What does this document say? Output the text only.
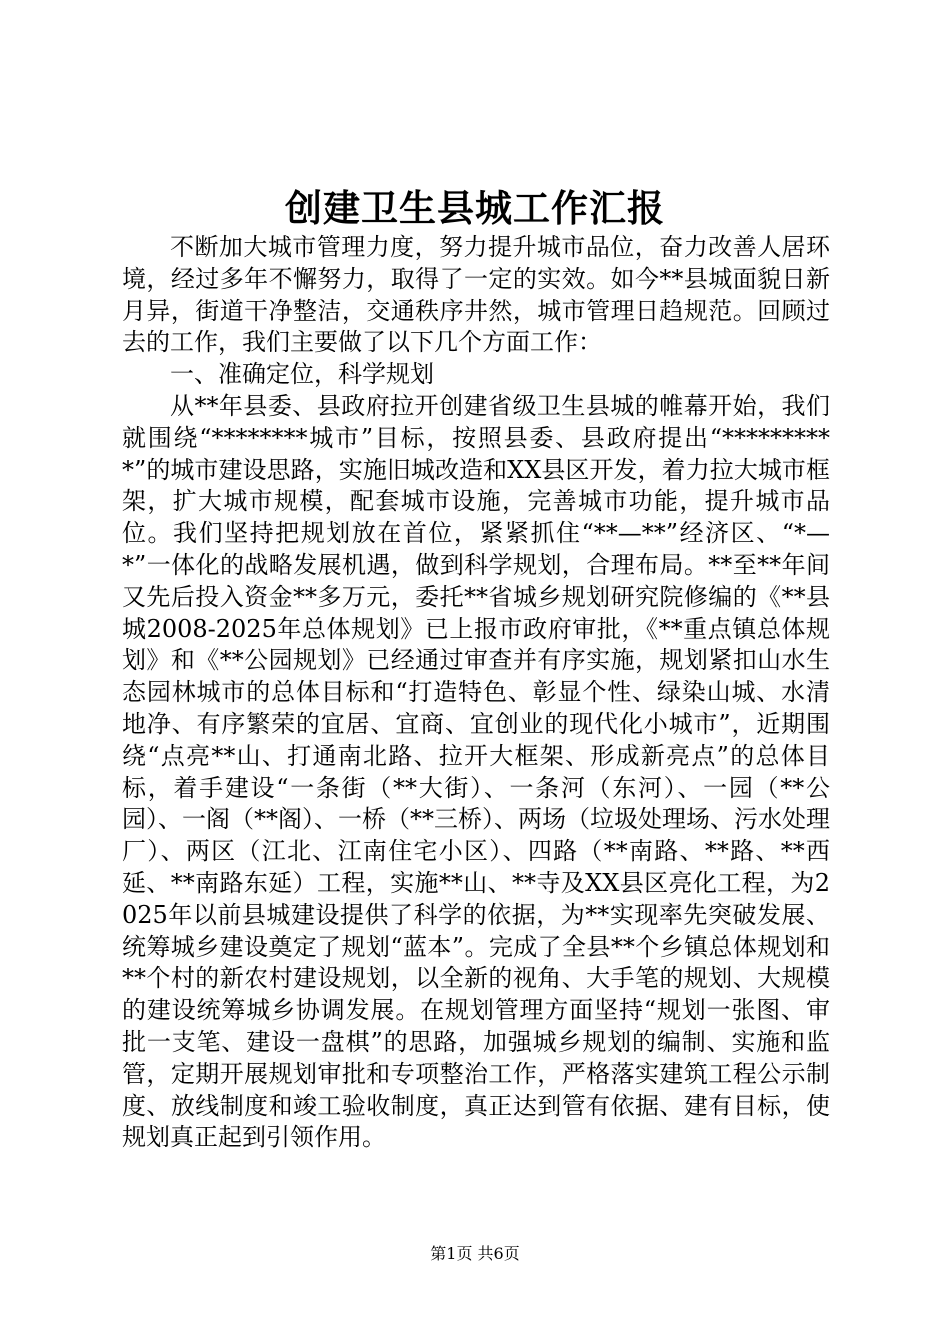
创建卫生县城工作汇报

不断加大城市管理力度，努力提升城市品位，奋力改善人居环境，经过多年不懈努力，取得了一定的实效。如今**县城面貌日新月异，街道干净整洁，交通秩序井然，城市管理日趋规范。回顾过去的工作，我们主要做了以下几个方面工作：

一、准确定位，科学规划

从**年县委、县政府拉开创建省级卫生县城的帷幕开始，我们就围绕“********城市”目标，按照县委、县政府提出“**********”的城市建设思路，实施旧城改造和XX县区开发，着力拉大城市框架，扩大城市规模，配套城市设施，完善城市功能，提升城市品位。我们坚持把规划放在首位，紧紧抓住“**—**”经济区、“*—*”一体化的战略发展机遇，做到科学规划，合理布局。**至**年间又先后投入资金**多万元，委托**省城乡规划研究院修编的《**县城2008-2025年总体规划》已上报市政府审批，《**重点镇总体规划》和《**公园规划》已经通过审查并有序实施，规划紧扣山水生态园林城市的总体目标和“打造特色、彰显个性、绿染山城、水清地净、有序繁荣的宜居、宜商、宜创业的现代化小城市”，近期围绕“点亮**山、打通南北路、拉开大框架、形成新亮点”的总体目标，着手建设“一条街（**大街）、一条河（东河）、一园（**公园）、一阁（**阁）、一桥（**三桥）、两场（垃圾处理场、污水处理厂）、两区（江北、江南住宅小区）、四路（**南路、**路、**西延、**南路东延）工程，实施**山、**寺及XX县区亮化工程，为2025年以前县城建设提供了科学的依据，为**实现率先突破发展、统筹城乡建设奠定了规划“蓝本”。完成了全县**个乡镇总体规划和**个村的新农村建设规划，以全新的视角、大手笔的规划、大规模的建设统筹城乡协调发展。在规划管理方面坚持“规划一张图、审批一支笔、建设一盘棋”的思路，加强城乡规划的编制、实施和监管，定期开展规划审批和专项整治工作，严格落实建筑工程公示制度、放线制度和竣工验收制度，真正达到管有依据、建有目标，使规划真正起到引领作用。

第1页 共6页
